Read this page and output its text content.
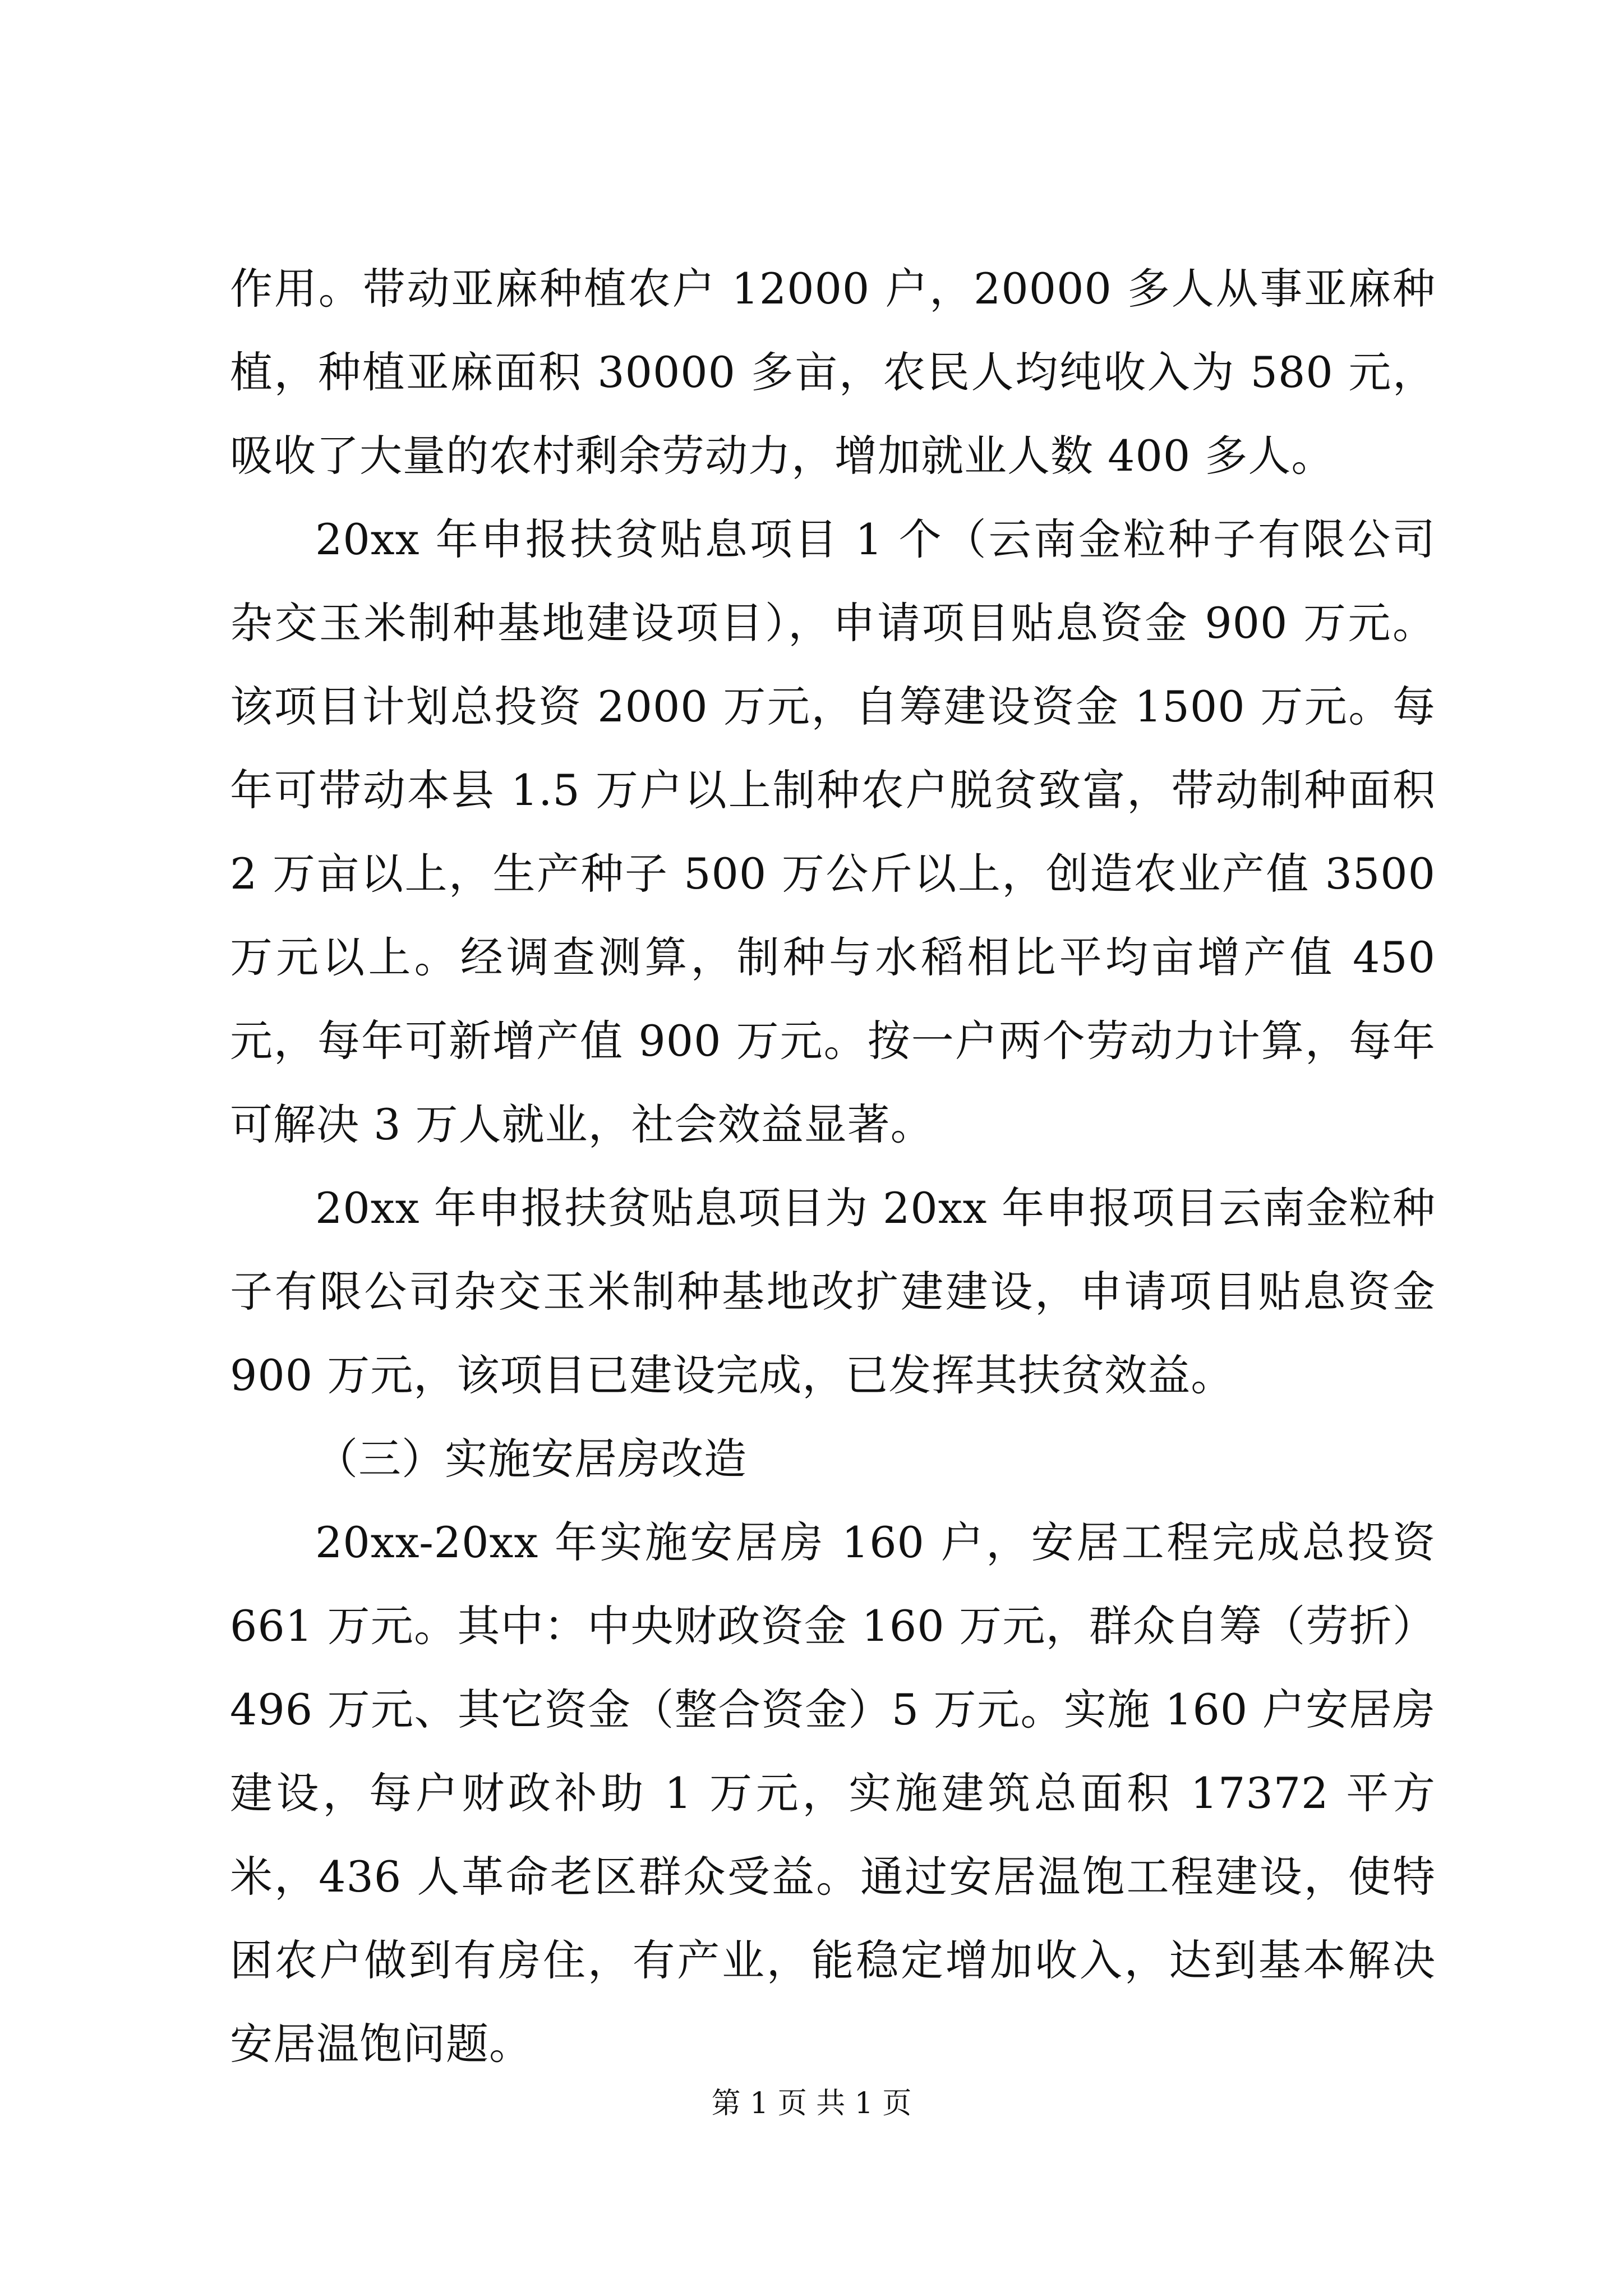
作用。带动亚麻种植农户 12000 户，20000 多人从事亚麻种植，种植亚麻面积 30000 多亩，农民人均纯收入为 580 元，吸收了大量的农村剩余劳动力，增加就业人数 400 多人。

20xx 年申报扶贫贴息项目 1 个（云南金粒种子有限公司杂交玉米制种基地建设项目），申请项目贴息资金 900 万元。该项目计划总投资 2000 万元，自筹建设资金 1500 万元。每年可带动本县 1.5 万户以上制种农户脱贫致富，带动制种面积 2 万亩以上，生产种子 500 万公斤以上，创造农业产值 3500 万元以上。经调查测算，制种与水稻相比平均亩增产值 450 元，每年可新增产值 900 万元。按一户两个劳动力计算，每年可解决 3 万人就业，社会效益显著。

20xx 年申报扶贫贴息项目为 20xx 年申报项目云南金粒种子有限公司杂交玉米制种基地改扩建建设，申请项目贴息资金 900 万元，该项目已建设完成，已发挥其扶贫效益。

（三）实施安居房改造

20xx-20xx 年实施安居房 160 户，安居工程完成总投资 661 万元。其中：中央财政资金 160 万元，群众自筹（劳折）496 万元、其它资金（整合资金）5 万元。实施 160 户安居房建设，每户财政补助 1 万元，实施建筑总面积 17372 平方米，436 人革命老区群众受益。通过安居温饱工程建设，使特困农户做到有房住，有产业，能稳定增加收入，达到基本解决安居温饱问题。

第 1 页 共 1 页
